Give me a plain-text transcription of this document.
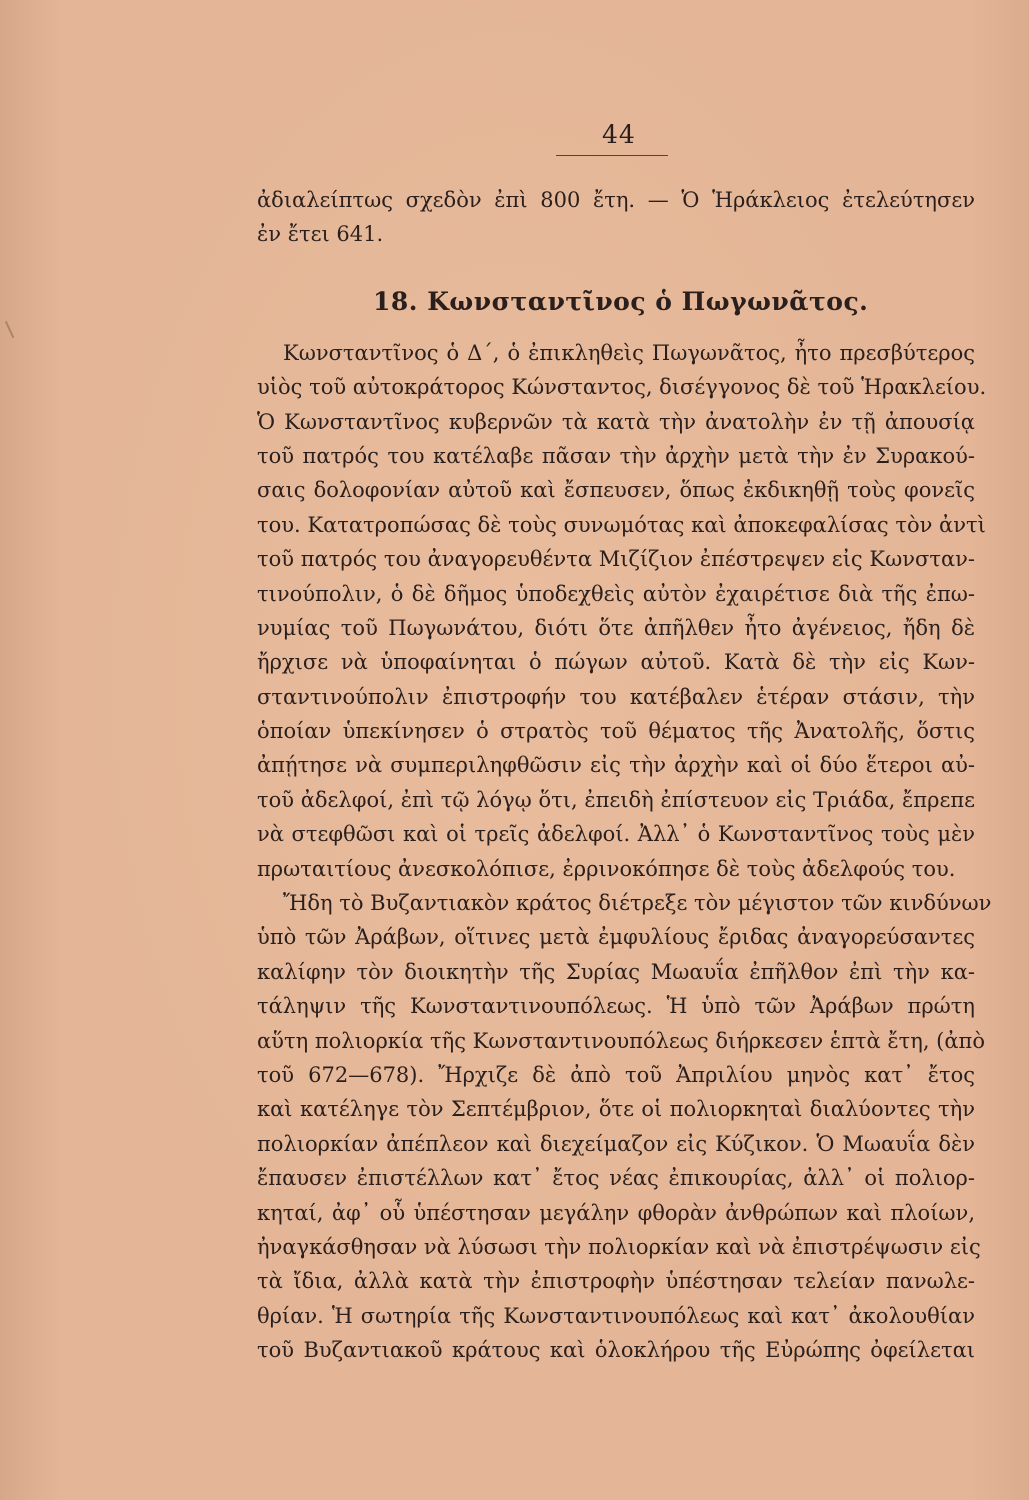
44
ἀδιαλείπτως σχεδὸν ἐπὶ 800 ἔτη. — Ὁ Ἡράκλειος ἐτελεύτησεν
ἐν ἔτει 641.
18. Κωνσταντῖνος ὁ Πωγωνᾶτος.
Κωνσταντῖνος ὁ Δ΄, ὁ ἐπικληθεὶς Πωγωνᾶτος, ἦτο πρεσβύτερος
υἱὸς τοῦ αὐτοκράτορος Κώνσταντος, δισέγγονος δὲ τοῦ Ἡρακλείου.
Ὁ Κωνσταντῖνος κυβερνῶν τὰ κατὰ τὴν ἀνατολὴν ἐν τῇ ἀπουσίᾳ
τοῦ πατρός του κατέλαβε πᾶσαν τὴν ἀρχὴν μετὰ τὴν ἐν Συρακού-
σαις δολοφονίαν αὐτοῦ καὶ ἔσπευσεν, ὅπως ἐκδικηθῇ τοὺς φονεῖς
του. Κατατροπώσας δὲ τοὺς συνωμότας καὶ ἀποκεφαλίσας τὸν ἀντὶ
τοῦ πατρός του ἀναγορευθέντα Μιζίζιον ἐπέστρεψεν εἰς Κωνσταν-
τινούπολιν, ὁ δὲ δῆμος ὑποδεχθεὶς αὐτὸν ἐχαιρέτισε διὰ τῆς ἐπω-
νυμίας τοῦ Πωγωνάτου, διότι ὅτε ἀπῆλθεν ἦτο ἀγένειος, ἤδη δὲ
ἤρχισε νὰ ὑποφαίνηται ὁ πώγων αὐτοῦ. Κατὰ δὲ τὴν εἰς Κων-
σταντινούπολιν ἐπιστροφήν του κατέβαλεν ἑτέραν στάσιν, τὴν
ὁποίαν ὑπεκίνησεν ὁ στρατὸς τοῦ θέματος τῆς Ἀνατολῆς, ὅστις
ἀπῄτησε νὰ συμπεριληφθῶσιν εἰς τὴν ἀρχὴν καὶ οἱ δύο ἕτεροι αὐ-
τοῦ ἀδελφοί, ἐπὶ τῷ λόγῳ ὅτι, ἐπειδὴ ἐπίστευον εἰς Τριάδα, ἔπρεπε
νὰ στεφθῶσι καὶ οἱ τρεῖς ἀδελφοί. Ἀλλ᾽ ὁ Κωνσταντῖνος τοὺς μὲν
πρωταιτίους ἀνεσκολόπισε, ἐρρινοκόπησε δὲ τοὺς ἀδελφούς του.
Ἤδη τὸ Βυζαντιακὸν κράτος διέτρεξε τὸν μέγιστον τῶν κινδύνων
ὑπὸ τῶν Ἀράβων, οἵτινες μετὰ ἐμφυλίους ἔριδας ἀναγορεύσαντες
καλίφην τὸν διοικητὴν τῆς Συρίας Μωαυΐα ἐπῆλθον ἐπὶ τὴν κα-
τάληψιν τῆς Κωνσταντινουπόλεως. Ἡ ὑπὸ τῶν Ἀράβων πρώτη
αὕτη πολιορκία τῆς Κωνσταντινουπόλεως διήρκεσεν ἑπτὰ ἔτη, (ἀπὸ
τοῦ 672—678). Ἤρχιζε δὲ ἀπὸ τοῦ Ἀπριλίου μηνὸς κατ᾽ ἔτος
καὶ κατέληγε τὸν Σεπτέμβριον, ὅτε οἱ πολιορκηταὶ διαλύοντες τὴν
πολιορκίαν ἀπέπλεον καὶ διεχείμαζον εἰς Κύζικον. Ὁ Μωαυΐα δὲν
ἔπαυσεν ἐπιστέλλων κατ᾽ ἔτος νέας ἐπικουρίας, ἀλλ᾽ οἱ πολιορ-
κηταί, ἀφ᾽ οὗ ὑπέστησαν μεγάλην φθορὰν ἀνθρώπων καὶ πλοίων,
ἠναγκάσθησαν νὰ λύσωσι τὴν πολιορκίαν καὶ νὰ ἐπιστρέψωσιν εἰς
τὰ ἴδια, ἀλλὰ κατὰ τὴν ἐπιστροφὴν ὑπέστησαν τελείαν πανωλε-
θρίαν. Ἡ σωτηρία τῆς Κωνσταντινουπόλεως καὶ κατ᾽ ἀκολουθίαν
τοῦ Βυζαντιακοῦ κράτους καὶ ὁλοκλήρου τῆς Εὐρώπης ὀφείλεται
